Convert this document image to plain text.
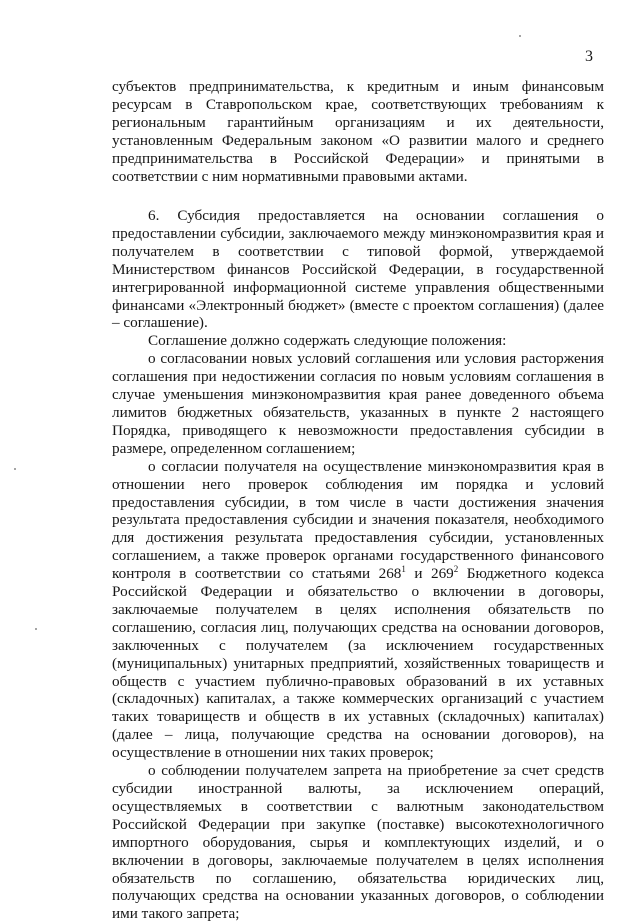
3

субъектов предпринимательства, к кредитным и иным финансовым ресурсам в Ставропольском крае, соответствующих требованиям к региональным гарантийным организациям и их деятельности, установленным Федеральным законом «О развитии малого и среднего предпринимательства в Российской Федерации» и принятыми в соответствии с ним нормативными правовыми актами.

6. Субсидия предоставляется на основании соглашения о предоставлении субсидии, заключаемого между минэкономразвития края и получателем в соответствии с типовой формой, утверждаемой Министерством финансов Российской Федерации, в государственной интегрированной информационной системе управления общественными финансами «Электронный бюджет» (вместе с проектом соглашения) (далее – соглашение).

Соглашение должно содержать следующие положения:

о согласовании новых условий соглашения или условия расторжения соглашения при недостижении согласия по новым условиям соглашения в случае уменьшения минэкономразвития края ранее доведенного объема лимитов бюджетных обязательств, указанных в пункте 2 настоящего Порядка, приводящего к невозможности предоставления субсидии в размере, определенном соглашением;

о согласии получателя на осуществление минэкономразвития края в отношении него проверок соблюдения им порядка и условий предоставления субсидии, в том числе в части достижения значения результата предоставления субсидии и значения показателя, необходимого для достижения результата предоставления субсидии, установленных соглашением, а также проверок органами государственного финансового контроля в соответствии со статьями $268^1$ и $269^2$ Бюджетного кодекса Российской Федерации и обязательство о включении в договоры, заключаемые получателем в целях исполнения обязательств по соглашению, согласия лиц, получающих средства на основании договоров, заключенных с получателем (за исключением государственных (муниципальных) унитарных предприятий, хозяйственных товариществ и обществ с участием публично-правовых образований в их уставных (складочных) капиталах, а также коммерческих организаций с участием таких товариществ и обществ в их уставных (складочных) капиталах) (далее – лица, получающие средства на основании договоров), на осуществление в отношении них таких проверок;

о соблюдении получателем запрета на приобретение за счет средств субсидии иностранной валюты, за исключением операций, осуществляемых в соответствии с валютным законодательством Российской Федерации при закупке (поставке) высокотехнологичного импортного оборудования, сырья и комплектующих изделий, и о включении в договоры, заключаемые получателем в целях исполнения обязательств по соглашению, обязательства юридических лиц, получающих средства на основании указанных договоров, о соблюдении ими такого запрета;
